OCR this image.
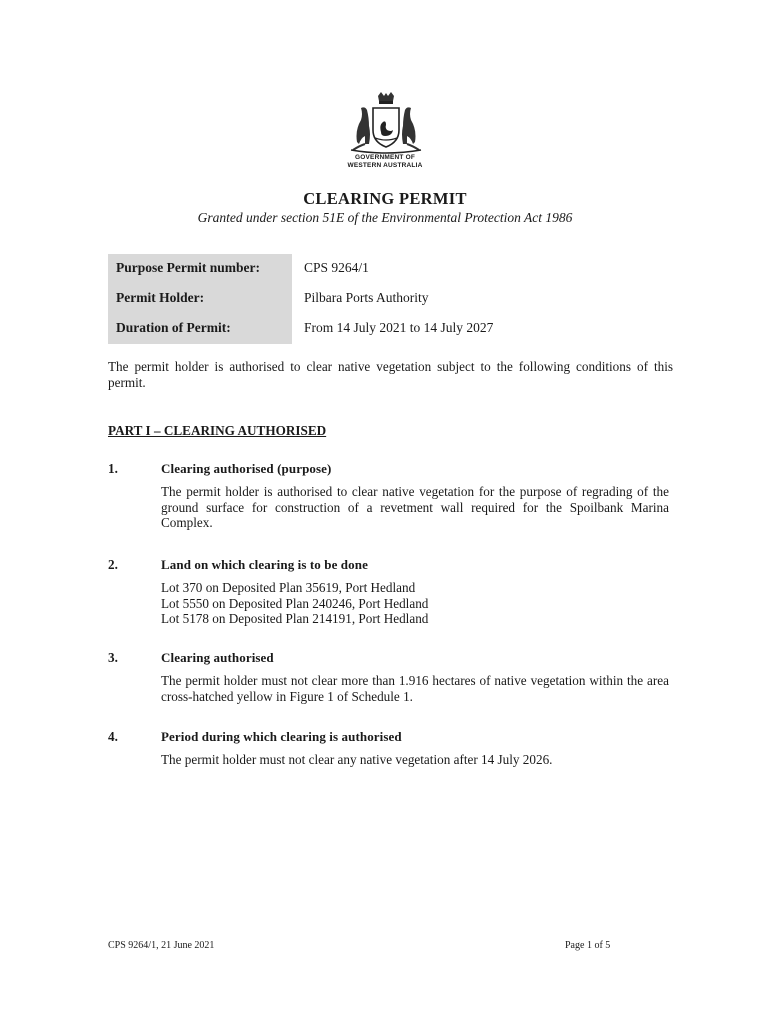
GOVERNMENT OF
WESTERN AUSTRALIA
CLEARING PERMIT
Granted under section 51E of the Environmental Protection Act 1986
Purpose Permit number:	CPS 9264/1
Permit Holder:	Pilbara Ports Authority
Duration of Permit:	From 14 July 2021 to 14 July 2027
The permit holder is authorised to clear native vegetation subject to the following conditions of this permit.
PART I – CLEARING AUTHORISED
1.	Clearing authorised (purpose)
The permit holder is authorised to clear native vegetation for the purpose of regrading of the ground surface for construction of a revetment wall required for the Spoilbank Marina Complex.
2.	Land on which clearing is to be done
Lot 370 on Deposited Plan 35619, Port Hedland
Lot 5550 on Deposited Plan 240246, Port Hedland
Lot 5178 on Deposited Plan 214191, Port Hedland
3.	Clearing authorised
The permit holder must not clear more than 1.916 hectares of native vegetation within the area cross-hatched yellow in Figure 1 of Schedule 1.
4.	Period during which clearing is authorised
The permit holder must not clear any native vegetation after 14 July 2026.
CPS 9264/1, 21 June 2021	Page 1 of 5
